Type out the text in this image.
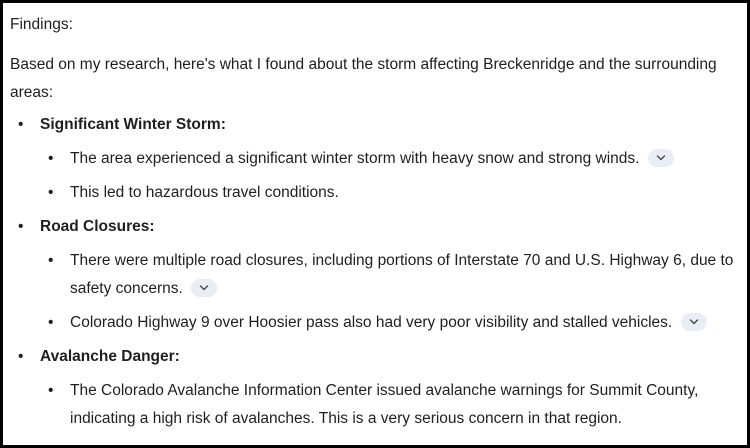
Findings:

Based on my research, here's what I found about the storm affecting Breckenridge and the surrounding areas:

• Significant Winter Storm:
• The area experienced a significant winter storm with heavy snow and strong winds.
• This led to hazardous travel conditions.
• Road Closures:
• There were multiple road closures, including portions of Interstate 70 and U.S. Highway 6, due to safety concerns.
• Colorado Highway 9 over Hoosier pass also had very poor visibility and stalled vehicles.
• Avalanche Danger:
• The Colorado Avalanche Information Center issued avalanche warnings for Summit County, indicating a high risk of avalanches. This is a very serious concern in that region.
